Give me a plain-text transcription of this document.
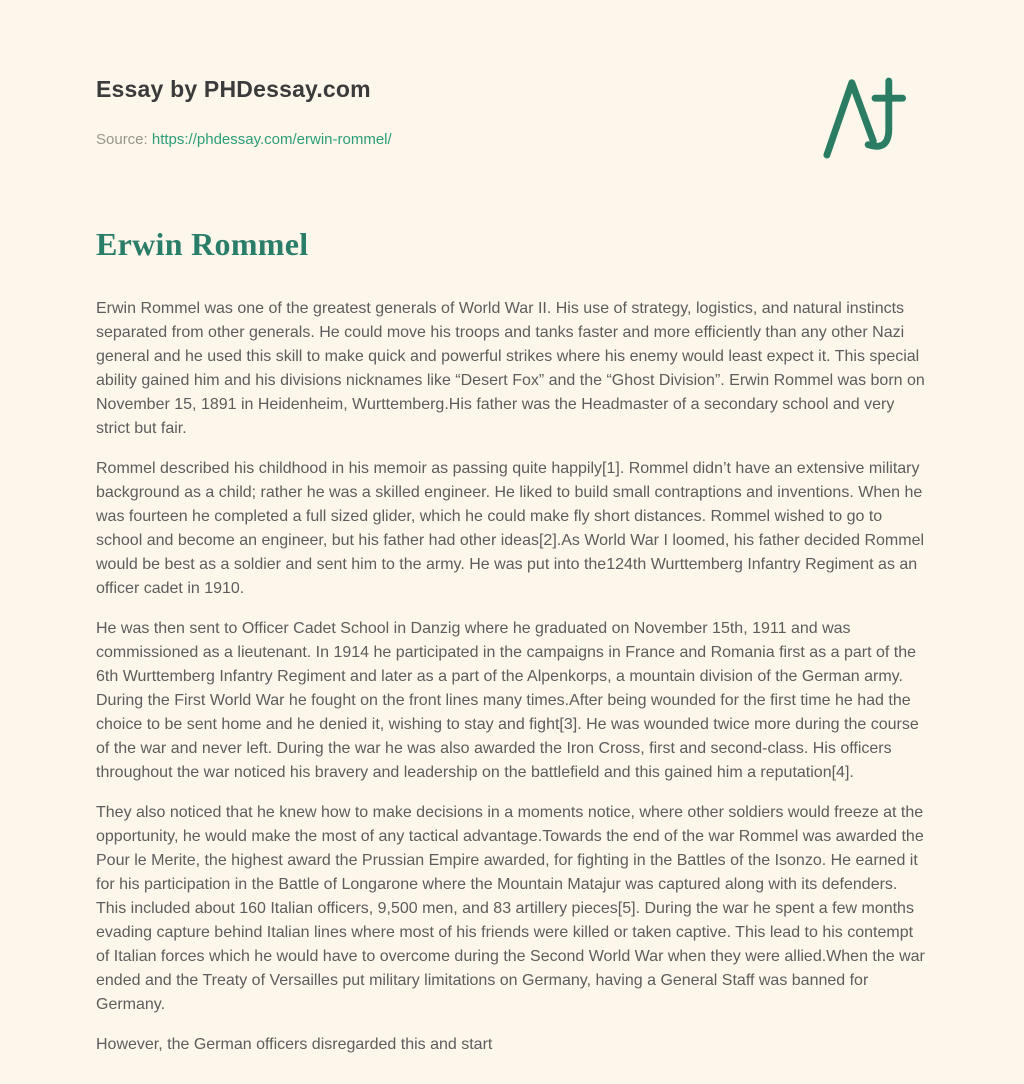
Essay by PHDessay.com
Source: https://phdessay.com/erwin-rommel/
Erwin Rommel

Erwin Rommel was one of the greatest generals of World War II. His use of strategy, logistics, and natural instincts separated from other generals. He could move his troops and tanks faster and more efficiently than any other Nazi general and he used this skill to make quick and powerful strikes where his enemy would least expect it. This special ability gained him and his divisions nicknames like “Desert Fox” and the “Ghost Division”. Erwin Rommel was born on November 15, 1891 in Heidenheim, Wurttemberg.His father was the Headmaster of a secondary school and very strict but fair.

Rommel described his childhood in his memoir as passing quite happily[1]. Rommel didn’t have an extensive military background as a child; rather he was a skilled engineer. He liked to build small contraptions and inventions. When he was fourteen he completed a full sized glider, which he could make fly short distances. Rommel wished to go to school and become an engineer, but his father had other ideas[2].As World War I loomed, his father decided Rommel would be best as a soldier and sent him to the army. He was put into the124th Wurttemberg Infantry Regiment as an officer cadet in 1910.

He was then sent to Officer Cadet School in Danzig where he graduated on November 15th, 1911 and was commissioned as a lieutenant. In 1914 he participated in the campaigns in France and Romania first as a part of the 6th Wurttemberg Infantry Regiment and later as a part of the Alpenkorps, a mountain division of the German army. During the First World War he fought on the front lines many times.After being wounded for the first time he had the choice to be sent home and he denied it, wishing to stay and fight[3]. He was wounded twice more during the course of the war and never left. During the war he was also awarded the Iron Cross, first and second-class. His officers throughout the war noticed his bravery and leadership on the battlefield and this gained him a reputation[4].

They also noticed that he knew how to make decisions in a moments notice, where other soldiers would freeze at the opportunity, he would make the most of any tactical advantage.Towards the end of the war Rommel was awarded the Pour le Merite, the highest award the Prussian Empire awarded, for fighting in the Battles of the Isonzo. He earned it for his participation in the Battle of Longarone where the Mountain Matajur was captured along with its defenders. This included about 160 Italian officers, 9,500 men, and 83 artillery pieces[5]. During the war he spent a few months evading capture behind Italian lines where most of his friends were killed or taken captive. This lead to his contempt of Italian forces which he would have to overcome during the Second World War when they were allied.When the war ended and the Treaty of Versailles put military limitations on Germany, having a General Staff was banned for Germany.

However, the German officers disregarded this and start
